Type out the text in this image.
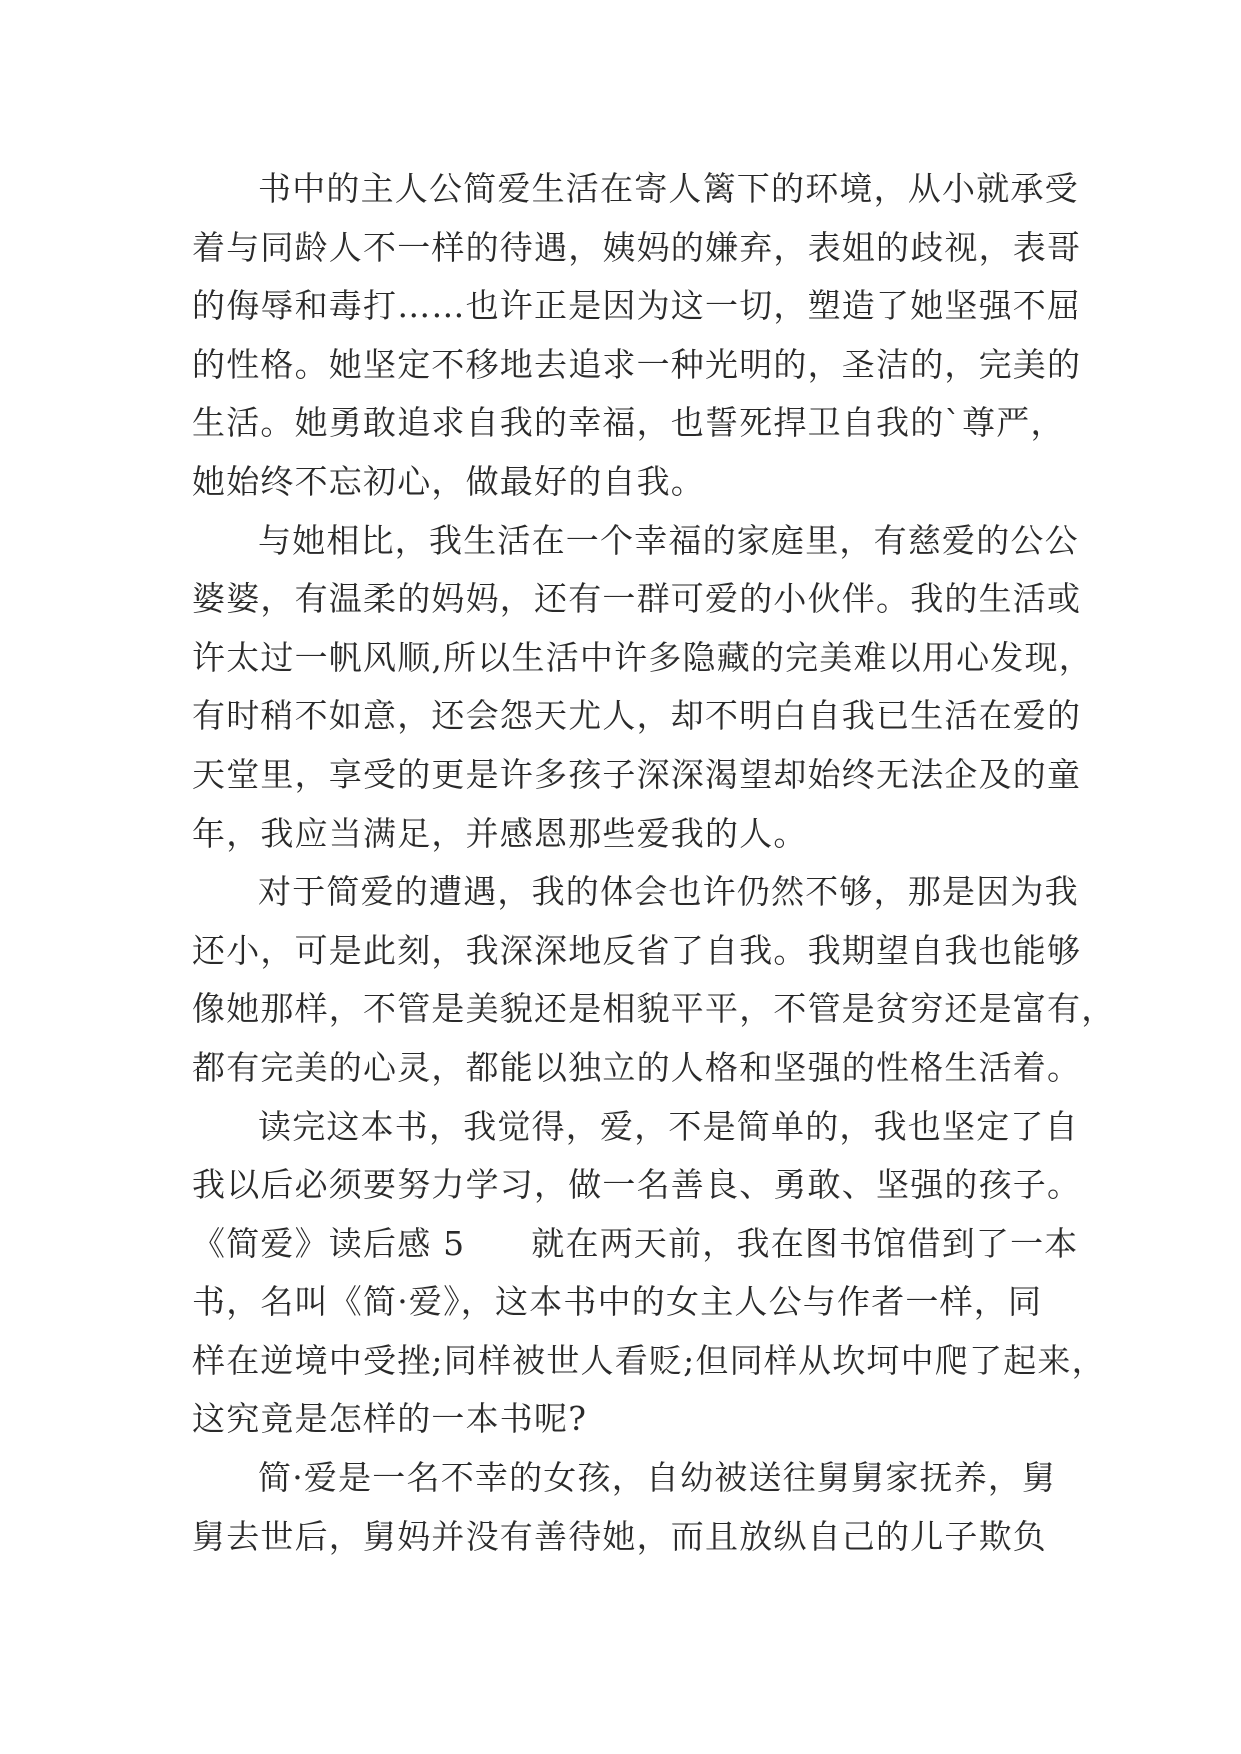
书中的主人公简爱生活在寄人篱下的环境，从小就承受
着与同龄人不一样的待遇，姨妈的嫌弃，表姐的歧视，表哥
的侮辱和毒打……也许正是因为这一切，塑造了她坚强不屈
的性格。她坚定不移地去追求一种光明的，圣洁的，完美的
生活。她勇敢追求自我的幸福，也誓死捍卫自我的`尊严，
她始终不忘初心，做最好的自我。
与她相比，我生活在一个幸福的家庭里，有慈爱的公公
婆婆，有温柔的妈妈，还有一群可爱的小伙伴。我的生活或
许太过一帆风顺,所以生活中许多隐藏的完美难以用心发现，
有时稍不如意，还会怨天尤人，却不明白自我已生活在爱的
天堂里，享受的更是许多孩子深深渴望却始终无法企及的童
年，我应当满足，并感恩那些爱我的人。
对于简爱的遭遇，我的体会也许仍然不够，那是因为我
还小，可是此刻，我深深地反省了自我。我期望自我也能够
像她那样，不管是美貌还是相貌平平，不管是贫穷还是富有，
都有完美的心灵，都能以独立的人格和坚强的性格生活着。
读完这本书，我觉得，爱，不是简单的，我也坚定了自
我以后必须要努力学习，做一名善良、勇敢、坚强的孩子。
《简爱》读后感 5 就在两天前，我在图书馆借到了一本
书，名叫《简·爱》，这本书中的女主人公与作者一样，同
样在逆境中受挫;同样被世人看贬;但同样从坎坷中爬了起来，
这究竟是怎样的一本书呢?
简·爱是一名不幸的女孩，自幼被送往舅舅家抚养，舅
舅去世后，舅妈并没有善待她，而且放纵自己的儿子欺负
